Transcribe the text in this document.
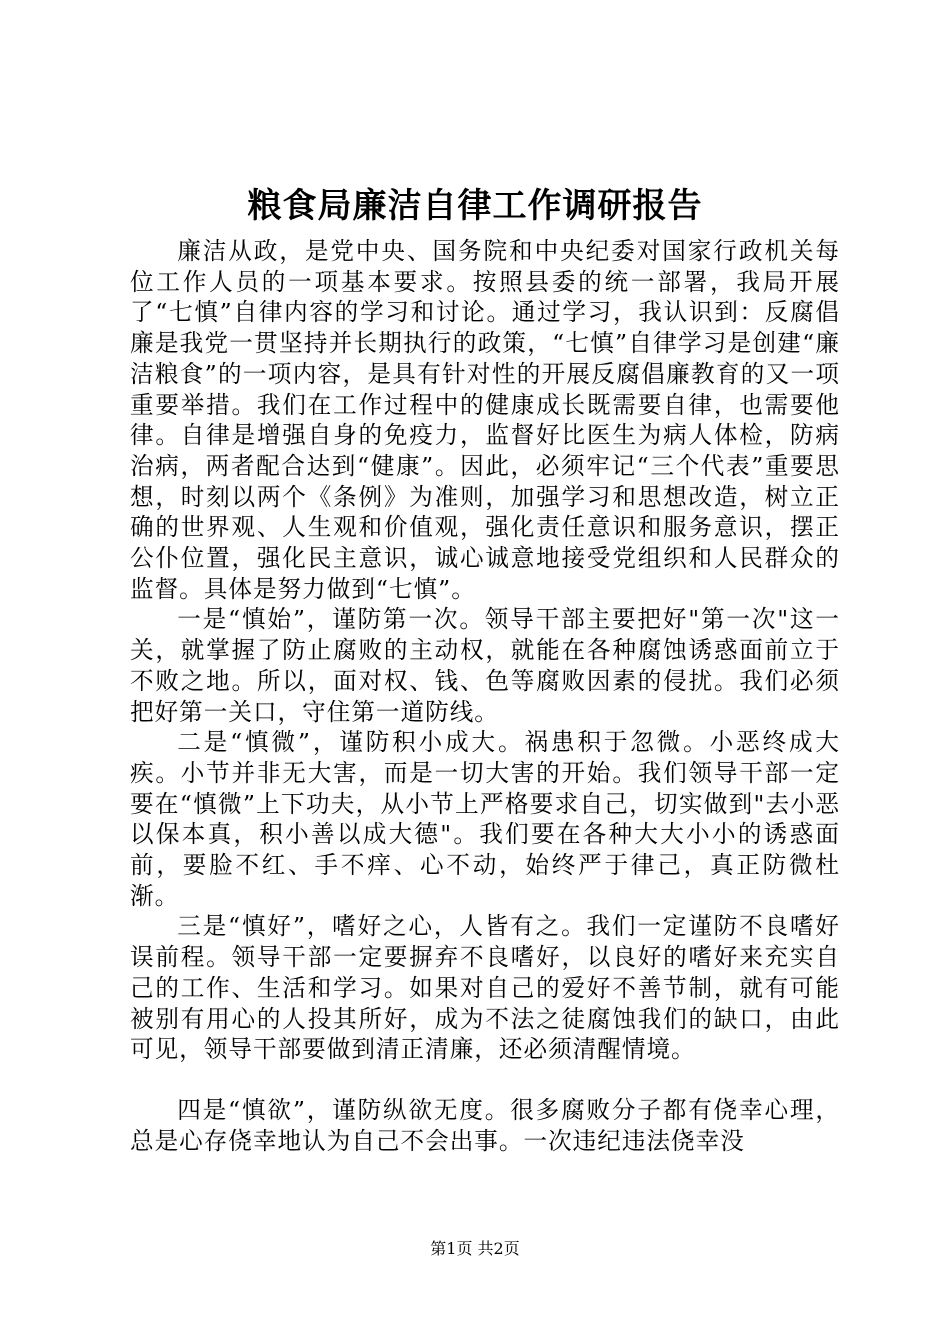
粮食局廉洁自律工作调研报告

廉洁从政，是党中央、国务院和中央纪委对国家行政机关每位工作人员的一项基本要求。按照县委的统一部署，我局开展了“七慎”自律内容的学习和讨论。通过学习，我认识到：反腐倡廉是我党一贯坚持并长期执行的政策，“七慎”自律学习是创建“廉洁粮食”的一项内容，是具有针对性的开展反腐倡廉教育的又一项重要举措。我们在工作过程中的健康成长既需要自律，也需要他律。自律是增强自身的免疫力，监督好比医生为病人体检，防病治病，两者配合达到“健康”。因此，必须牢记“三个代表”重要思想，时刻以两个《条例》为准则，加强学习和思想改造，树立正确的世界观、人生观和价值观，强化责任意识和服务意识，摆正公仆位置，强化民主意识，诚心诚意地接受党组织和人民群众的监督。具体是努力做到“七慎”。

一是“慎始”，谨防第一次。领导干部主要把好"第一次"这一关，就掌握了防止腐败的主动权，就能在各种腐蚀诱惑面前立于不败之地。所以，面对权、钱、色等腐败因素的侵扰。我们必须把好第一关口，守住第一道防线。

二是“慎微”，谨防积小成大。祸患积于忽微。小恶终成大疾。小节并非无大害，而是一切大害的开始。我们领导干部一定要在“慎微”上下功夫，从小节上严格要求自己，切实做到"去小恶以保本真，积小善以成大德"。我们要在各种大大小小的诱惑面前，要脸不红、手不痒、心不动，始终严于律己，真正防微杜渐。

三是“慎好”，嗜好之心，人皆有之。我们一定谨防不良嗜好误前程。领导干部一定要摒弃不良嗜好，以良好的嗜好来充实自己的工作、生活和学习。如果对自己的爱好不善节制，就有可能被别有用心的人投其所好，成为不法之徒腐蚀我们的缺口，由此可见，领导干部要做到清正清廉，还必须清醒情境。

四是“慎欲”，谨防纵欲无度。很多腐败分子都有侥幸心理，总是心存侥幸地认为自己不会出事。一次违纪违法侥幸没

第1页 共2页
